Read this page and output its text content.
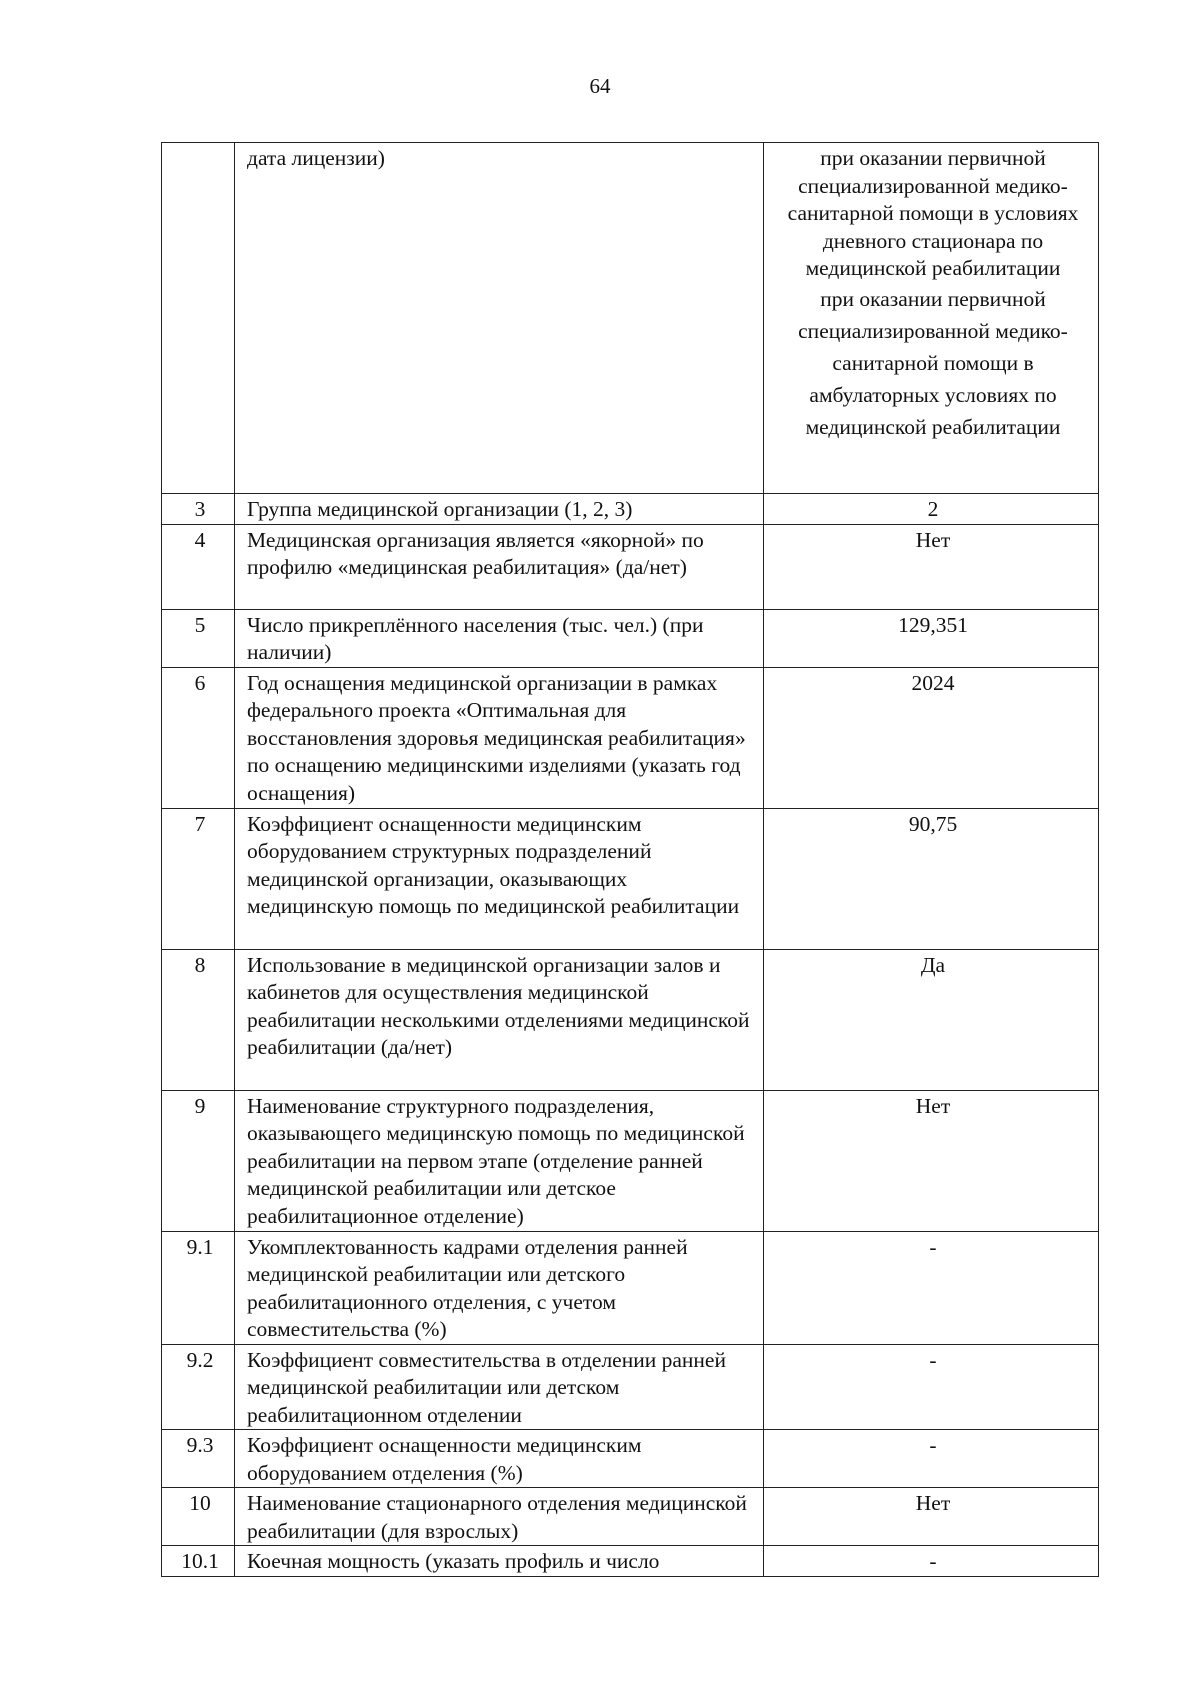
64
	дата лицензии)	при оказании первичной специализированной медико-санитарной помощи в условиях дневного стационара по медицинской реабилитации
при оказании первичной специализированной медико-санитарной помощи в амбулаторных условиях по медицинской реабилитации

3	Группа медицинской организации (1, 2, 3)	2
4	Медицинская организация является «якорной» по профилю «медицинская реабилитация» (да/нет)	Нет
5	Число прикреплённого населения (тыс. чел.) (при наличии)	129,351
6	Год оснащения медицинской организации в рамках федерального проекта «Оптимальная для восстановления здоровья медицинская реабилитация» по оснащению медицинскими изделиями (указать год оснащения)	2024
7	Коэффициент оснащенности медицинским оборудованием структурных подразделений медицинской организации, оказывающих медицинскую помощь по медицинской реабилитации	90,75
8	Использование в медицинской организации залов и кабинетов для осуществления медицинской реабилитации несколькими отделениями медицинской реабилитации (да/нет)	Да
9	Наименование структурного подразделения, оказывающего медицинскую помощь по медицинской реабилитации на первом этапе (отделение ранней медицинской реабилитации или детское реабилитационное отделение)	Нет
9.1	Укомплектованность кадрами отделения ранней медицинской реабилитации или детского реабилитационного отделения, с учетом совместительства (%)	-
9.2	Коэффициент совместительства в отделении ранней медицинской реабилитации или детском реабилитационном отделении	-
9.3	Коэффициент оснащенности медицинским оборудованием отделения (%)	-
10	Наименование стационарного отделения медицинской реабилитации (для взрослых)	Нет
10.1	Коечная мощность (указать профиль и число	-
